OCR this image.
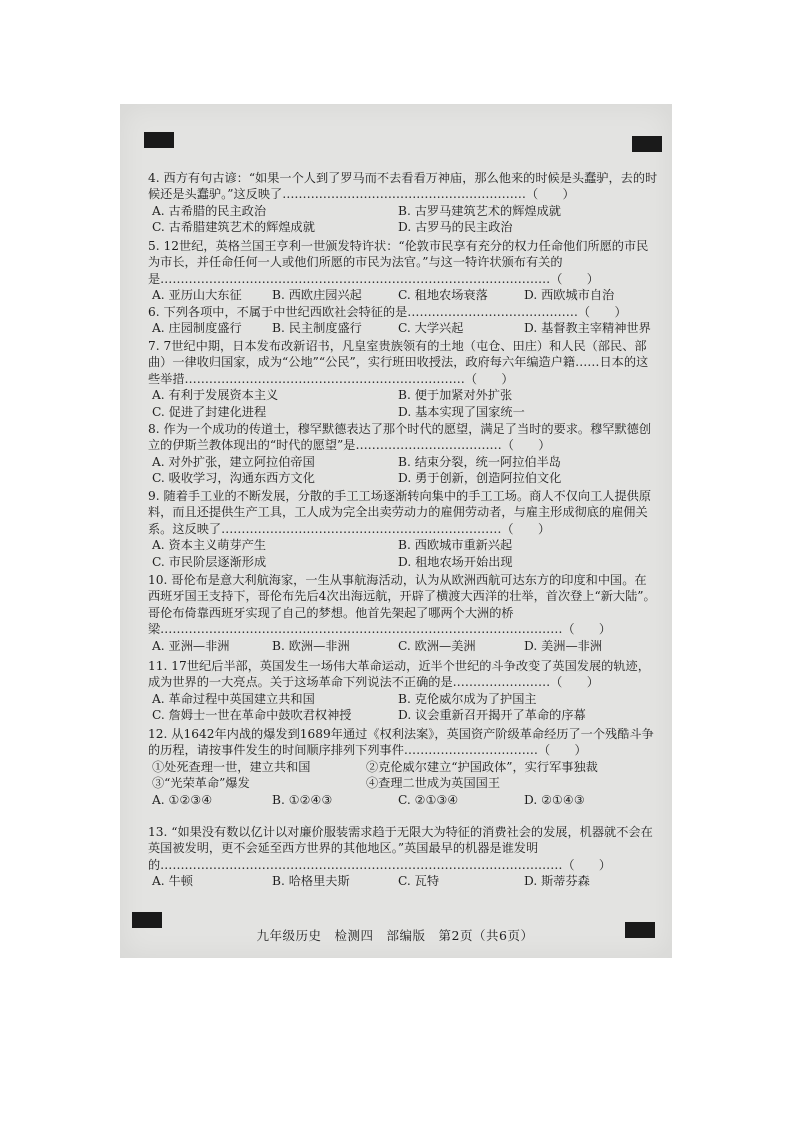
4. 西方有句古谚：“如果一个人到了罗马而不去看看万神庙，那么他来的时候是头蠢驴，去的时候还是头蠢驴。”这反映了……………………………………………………（　　）
A. 古希腊的民主政治	B. 古罗马建筑艺术的辉煌成就
C. 古希腊建筑艺术的辉煌成就	D. 古罗马的民主政治
5. 12世纪，英格兰国王亨利一世颁发特许状：“伦敦市民享有充分的权力任命他们所愿的市民为市长，并任命任何一人或他们所愿的市民为法官。”与这一特许状颁布有关的是……………………………………………………………………………………（　　）
A. 亚历山大东征 B. 西欧庄园兴起	C. 租地农场衰落	D. 西欧城市自治
6. 下列各项中，不属于中世纪西欧社会特征的是……………………………………（　　）
A. 庄园制度盛行 B. 民主制度盛行	C. 大学兴起	D. 基督教主宰精神世界
7. 7世纪中期，日本发布改新诏书，凡皇室贵族领有的土地（屯仓、田庄）和人民（部民、部曲）一律收归国家，成为“公地”“公民”，实行班田收授法，政府每六年编造户籍……日本的这些举措……………………………………………………………（　　）
A. 有利于发展资本主义	B. 便于加紧对外扩张
C. 促进了封建化进程	D. 基本实现了国家统一
8. 作为一个成功的传道士，穆罕默德表达了那个时代的愿望，满足了当时的要求。穆罕默德创立的伊斯兰教体现出的“时代的愿望”是………………………………（　　）
A. 对外扩张，建立阿拉伯帝国	B. 结束分裂，统一阿拉伯半岛
C. 吸收学习，沟通东西方文化	D. 勇于创新，创造阿拉伯文化
9. 随着手工业的不断发展，分散的手工工场逐渐转向集中的手工工场。商人不仅向工人提供原料，而且还提供生产工具，工人成为完全出卖劳动力的雇佣劳动者，与雇主形成彻底的雇佣关系。这反映了……………………………………………………………（　　）
A. 资本主义萌芽产生	B. 西欧城市重新兴起
C. 市民阶层逐渐形成	D. 租地农场开始出现
10. 哥伦布是意大利航海家，一生从事航海活动，认为从欧洲西航可达东方的印度和中国。在西班牙国王支持下，哥伦布先后4次出海远航，开辟了横渡大西洋的壮举，首次登上“新大陆”。哥伦布倚靠西班牙实现了自己的梦想。他首先架起了哪两个大洲的桥梁………………………………………………………………………………………（　　）
A. 亚洲—非洲	B. 欧洲—非洲	C. 欧洲—美洲	D. 美洲—非洲
11. 17世纪后半部，英国发生一场伟大革命运动，近半个世纪的斗争改变了英国发展的轨迹，成为世界的一大亮点。关于这场革命下列说法不正确的是……………………（　　）
A. 革命过程中英国建立共和国	B. 克伦威尔成为了护国主
C. 詹姆士一世在革命中鼓吹君权神授	D. 议会重新召开揭开了革命的序幕
12. 从1642年内战的爆发到1689年通过《权利法案》，英国资产阶级革命经历了一个残酷斗争的历程，请按事件发生的时间顺序排列下列事件……………………………（　　）
①处死查理一世，建立共和国	②克伦威尔建立“护国政体”，实行军事独裁
③“光荣革命”爆发	④查理二世成为英国国王
A. ①②③④	B. ①②④③	C. ②①③④	D. ②①④③
13. “如果没有数以亿计以对廉价服装需求趋于无限大为特征的消费社会的发展，机器就不会在英国被发明，更不会延至西方世界的其他地区。”英国最早的机器是谁发明的………………………………………………………………………………………（　　）
A. 牛顿	B. 哈格里夫斯	C. 瓦特	D. 斯蒂芬森
九年级历史　检测四　部编版　第2页（共6页）
